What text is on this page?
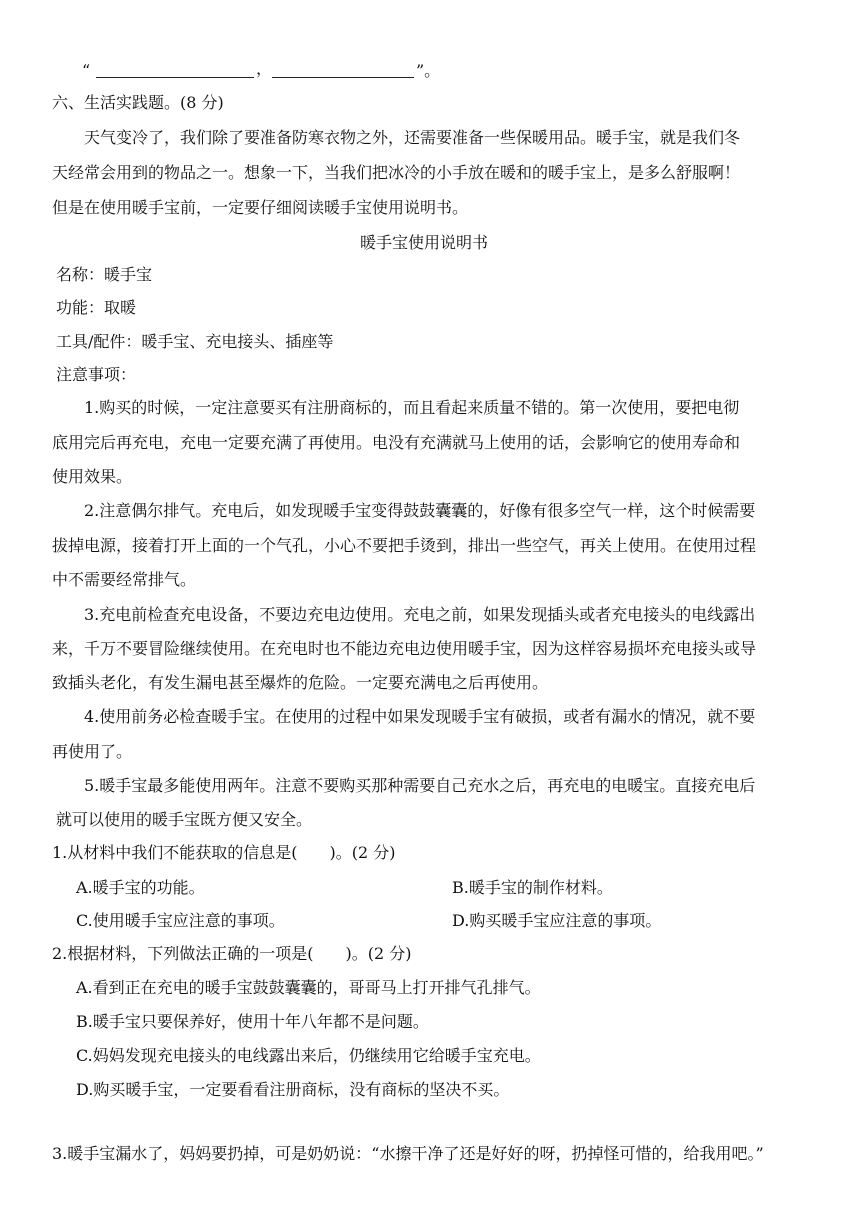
“	，	”。
六、生活实践题。(8 分)
天气变冷了，我们除了要准备防寒衣物之外，还需要准备一些保暖用品。暖手宝，就是我们冬
天经常会用到的物品之一。想象一下，当我们把冰冷的小手放在暖和的暖手宝上，是多么舒服啊！
但是在使用暖手宝前，一定要仔细阅读暖手宝使用说明书。
暖手宝使用说明书
名称：暖手宝
功能：取暖
工具/配件：暖手宝、充电接头、插座等
注意事项：
1.购买的时候，一定注意要买有注册商标的，而且看起来质量不错的。第一次使用，要把电彻
底用完后再充电，充电一定要充满了再使用。电没有充满就马上使用的话，会影响它的使用寿命和
使用效果。
2.注意偶尔排气。充电后，如发现暖手宝变得鼓鼓囊囊的，好像有很多空气一样，这个时候需要
拔掉电源，接着打开上面的一个气孔，小心不要把手烫到，排出一些空气，再关上使用。在使用过程
中不需要经常排气。
3.充电前检查充电设备，不要边充电边使用。充电之前，如果发现插头或者充电接头的电线露出
来，千万不要冒险继续使用。在充电时也不能边充电边使用暖手宝，因为这样容易损坏充电接头或导
致插头老化，有发生漏电甚至爆炸的危险。一定要充满电之后再使用。
4.使用前务必检查暖手宝。在使用的过程中如果发现暖手宝有破损，或者有漏水的情况，就不要
再使用了。
5.暖手宝最多能使用两年。注意不要购买那种需要自己充水之后，再充电的电暖宝。直接充电后
就可以使用的暖手宝既方便又安全。
1.从材料中我们不能获取的信息是(　　)。(2 分)
A.暖手宝的功能。	B.暖手宝的制作材料。
C.使用暖手宝应注意的事项。	D.购买暖手宝应注意的事项。
2.根据材料，下列做法正确的一项是(　　)。(2 分)
A.看到正在充电的暖手宝鼓鼓囊囊的，哥哥马上打开排气孔排气。
B.暖手宝只要保养好，使用十年八年都不是问题。
C.妈妈发现充电接头的电线露出来后，仍继续用它给暖手宝充电。
D.购买暖手宝，一定要看看注册商标，没有商标的坚决不买。
3.暖手宝漏水了，妈妈要扔掉，可是奶奶说：“水擦干净了还是好好的呀，扔掉怪可惜的，给我用吧。”
